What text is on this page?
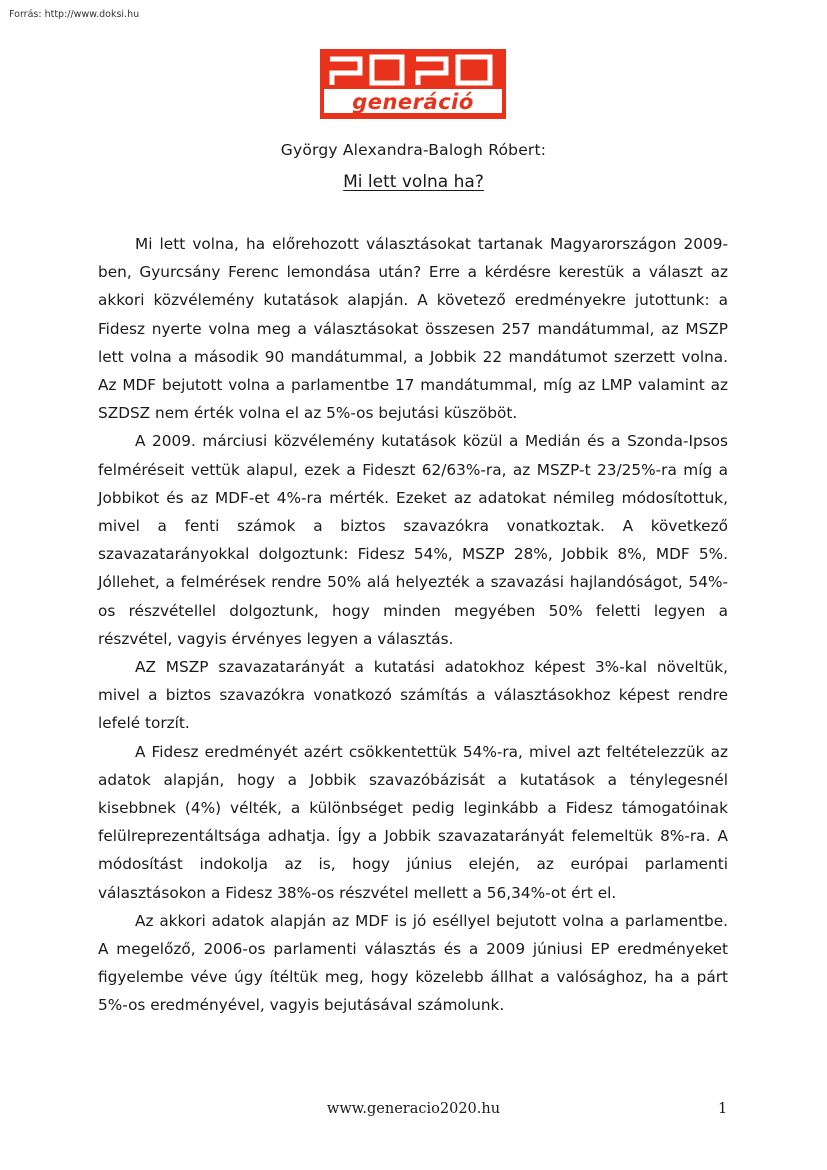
Forrás: http://www.doksi.hu
generáció
György Alexandra-Balogh Róbert:
Mi lett volna ha?

Mi lett volna, ha előrehozott választásokat tartanak Magyarországon 2009-ben, Gyurcsány Ferenc lemondása után? Erre a kérdésre kerestük a választ az akkori közvélemény kutatások alapján. A követező eredményekre jutottunk: a Fidesz nyerte volna meg a választásokat összesen 257 mandátummal, az MSZP lett volna a második 90 mandátummal, a Jobbik 22 mandátumot szerzett volna. Az MDF bejutott volna a parlamentbe 17 mandátummal, míg az LMP valamint az SZDSZ nem érték volna el az 5%-os bejutási küszöböt.

A 2009. márciusi közvélemény kutatások közül a Medián és a Szonda-Ipsos felméréseit vettük alapul, ezek a Fideszt 62/63%-ra, az MSZP-t 23/25%-ra míg a Jobbikot és az MDF-et 4%-ra mérték. Ezeket az adatokat némileg módosítottuk, mivel a fenti számok a biztos szavazókra vonatkoztak. A következő szavazatarányokkal dolgoztunk: Fidesz 54%, MSZP 28%, Jobbik 8%, MDF 5%. Jóllehet, a felmérések rendre 50% alá helyezték a szavazási hajlandóságot, 54%-os részvétellel dolgoztunk, hogy minden megyében 50% feletti legyen a részvétel, vagyis érvényes legyen a választás.

AZ MSZP szavazatarányát a kutatási adatokhoz képest 3%-kal növeltük, mivel a biztos szavazókra vonatkozó számítás a választásokhoz képest rendre lefelé torzít.

A Fidesz eredményét azért csökkentettük 54%-ra, mivel azt feltételezzük az adatok alapján, hogy a Jobbik szavazóbázisát a kutatások a ténylegesnél kisebbnek (4%) vélték, a különbséget pedig leginkább a Fidesz támogatóinak felülreprezentáltsága adhatja. Így a Jobbik szavazatarányát felemeltük 8%-ra. A módosítást indokolja az is, hogy június elején, az európai parlamenti választásokon a Fidesz 38%-os részvétel mellett a 56,34%-ot ért el.

Az akkori adatok alapján az MDF is jó eséllyel bejutott volna a parlamentbe. A megelőző, 2006-os parlamenti választás és a 2009 júniusi EP eredményeket figyelembe véve úgy ítéltük meg, hogy közelebb állhat a valósághoz, ha a párt 5%-os eredményével, vagyis bejutásával számolunk.

www.generacio2020.hu	1
